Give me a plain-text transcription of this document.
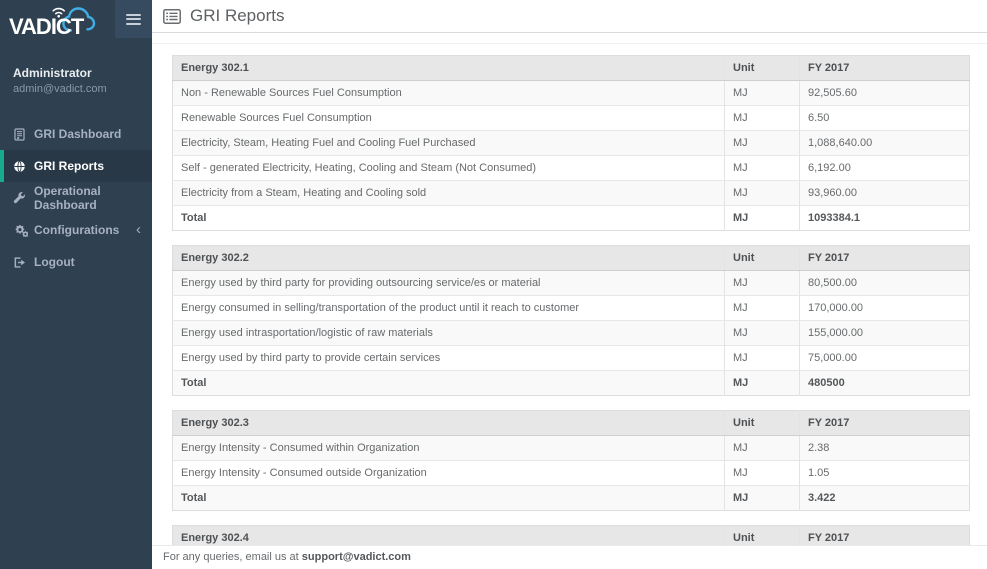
VADICT
Administrator
admin@vadict.com
GRI Dashboard
GRI Reports
Operational Dashboard
Configurations ‹
Logout
GRI Reports
Energy 302.1	Unit	FY 2017
Non - Renewable Sources Fuel Consumption	MJ	92,505.60
Renewable Sources Fuel Consumption	MJ	6.50
Electricity, Steam, Heating Fuel and Cooling Fuel Purchased	MJ	1,088,640.00
Self - generated Electricity, Heating, Cooling and Steam (Not Consumed)	MJ	6,192.00
Electricity from a Steam, Heating and Cooling sold	MJ	93,960.00
Total	MJ	1093384.1
Energy 302.2	Unit	FY 2017
Energy used by third party for providing outsourcing service/es or material	MJ	80,500.00
Energy consumed in selling/transportation of the product until it reach to customer	MJ	170,000.00
Energy used intrasportation/logistic of raw materials	MJ	155,000.00
Energy used by third party to provide certain services	MJ	75,000.00
Total	MJ	480500
Energy 302.3	Unit	FY 2017
Energy Intensity - Consumed within Organization	MJ	2.38
Energy Intensity - Consumed outside Organization	MJ	1.05
Total	MJ	3.422
Energy 302.4	Unit	FY 2017

For any queries, email us at support@vadict.com
